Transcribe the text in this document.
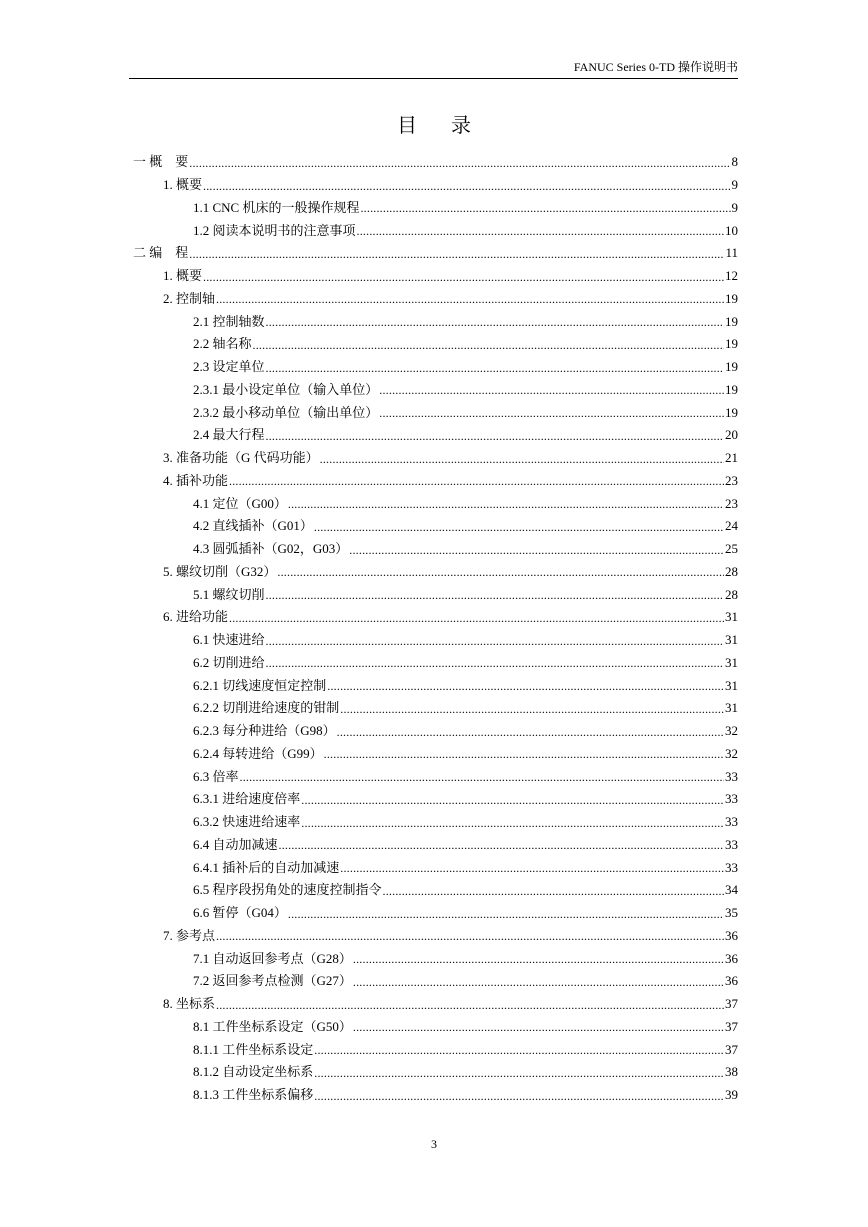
FANUC Series 0-TD 操作说明书
目录
一 概　要 .....	8
1. 概要 .....	9
1.1 CNC 机床的一般操作规程 .....	9
1.2 阅读本说明书的注意事项 .....	10
二 编　程 .....	11
1. 概要 .....	12
2. 控制轴 .....	19
2.1 控制轴数 .....	19
2.2 轴名称 .....	19
2.3 设定单位 .....	19
2.3.1 最小设定单位（输入单位） .....	19
2.3.2 最小移动单位（输出单位） .....	19
2.4 最大行程 .....	20
3. 准备功能（G 代码功能） .....	21
4. 插补功能 .....	23
4.1 定位（G00） .....	23
4.2 直线插补（G01） .....	24
4.3 圆弧插补（G02，G03） .....	25
5. 螺纹切削（G32） .....	28
5.1 螺纹切削 .....	28
6. 进给功能 .....	31
6.1 快速进给 .....	31
6.2 切削进给 .....	31
6.2.1 切线速度恒定控制 .....	31
6.2.2 切削进给速度的钳制 .....	31
6.2.3 每分种进给（G98） .....	32
6.2.4 每转进给（G99） .....	32
6.3 倍率 .....	33
6.3.1 进给速度倍率 .....	33
6.3.2 快速进给速率 .....	33
6.4 自动加减速 .....	33
6.4.1 插补后的自动加减速 .....	33
6.5 程序段拐角处的速度控制指令 .....	34
6.6 暂停（G04） .....	35
7. 参考点 .....	36
7.1 自动返回参考点（G28） .....	36
7.2 返回参考点检测（G27） .....	36
8. 坐标系 .....	37
8.1 工件坐标系设定（G50） .....	37
8.1.1 工件坐标系设定 .....	37
8.1.2 自动设定坐标系 .....	38
8.1.3 工件坐标系偏移 .....	39
3
